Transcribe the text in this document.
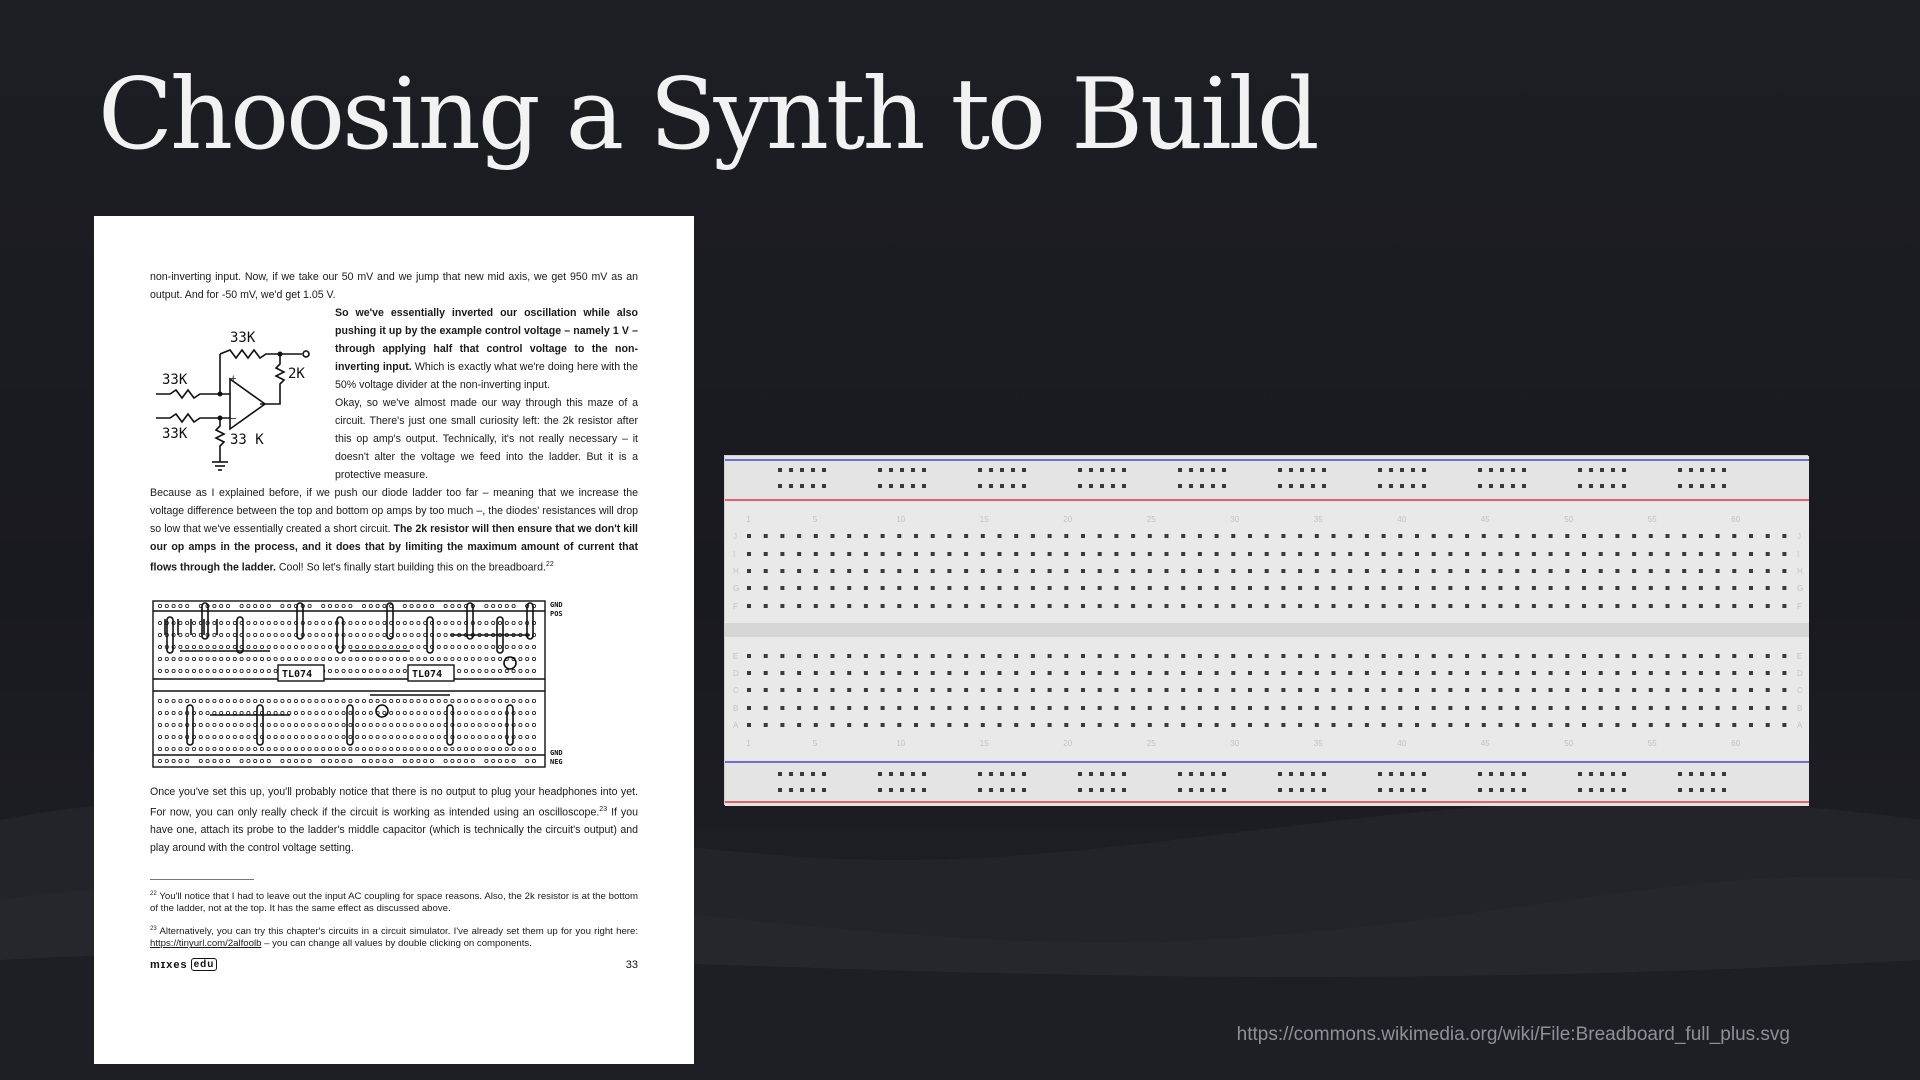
Choosing a Synth to Build

non-inverting input. Now, if we take our 50 mV and we jump that new mid axis, we get 950 mV as an output. And for -50 mV, we'd get 1.05 V.

+
−
33K
33K	2K
33K	33 K

So we've essentially inverted our oscillation while also pushing it up by the example control voltage – namely 1 V – through applying half that control voltage to the non-inverting input. Which is exactly what we're doing here with the 50% voltage divider at the non-inverting input.

Okay, so we've almost made our way through this maze of a circuit. There's just one small curiosity left: the 2k resistor after this op amp's output. Technically, it's not really necessary – it doesn't alter the voltage we feed into the ladder. But it is a protective measure.

Because as I explained before, if we push our diode ladder too far – meaning that we increase the voltage difference between the top and bottom op amps by too much –, the diodes' resistances will drop so low that we've essentially created a short circuit. The 2k resistor will then ensure that we don't kill our op amps in the process, and it does that by limiting the maximum amount of current that flows through the ladder. Cool! So let's finally start building this on the breadboard.$^{22}$

TL074	TL074
GND
POS
GND
NEG

Once you've set this up, you'll probably notice that there is no output to plug your headphones into yet. For now, you can only really check if the circuit is working as intended using an oscilloscope.$^{23}$ If you have one, attach its probe to the ladder's middle capacitor (which is technically the circuit's output) and play around with the control voltage setting.

$^{22}$ You'll notice that I had to leave out the input AC coupling for space reasons. Also, the 2k resistor is at the bottom of the ladder, not at the top. It has the same effect as discussed above.

$^{23}$ Alternatively, you can try this chapter's circuits in a circuit simulator. I've already set them up for you right here: https://tinyurl.com/2alfoolb – you can change all values by double clicking on components.

mɪxes edu	33
1
1
5
5
10
10
15
15
20
20
25
25
30
30
35
35
40
40
45
45
50
50
55
55
60
60
J	J
I	I
H	H
G	G
F	F
E	E
D	D
C	C
B	B
A	A
https://commons.wikimedia.org/wiki/File:Breadboard_full_plus.svg
